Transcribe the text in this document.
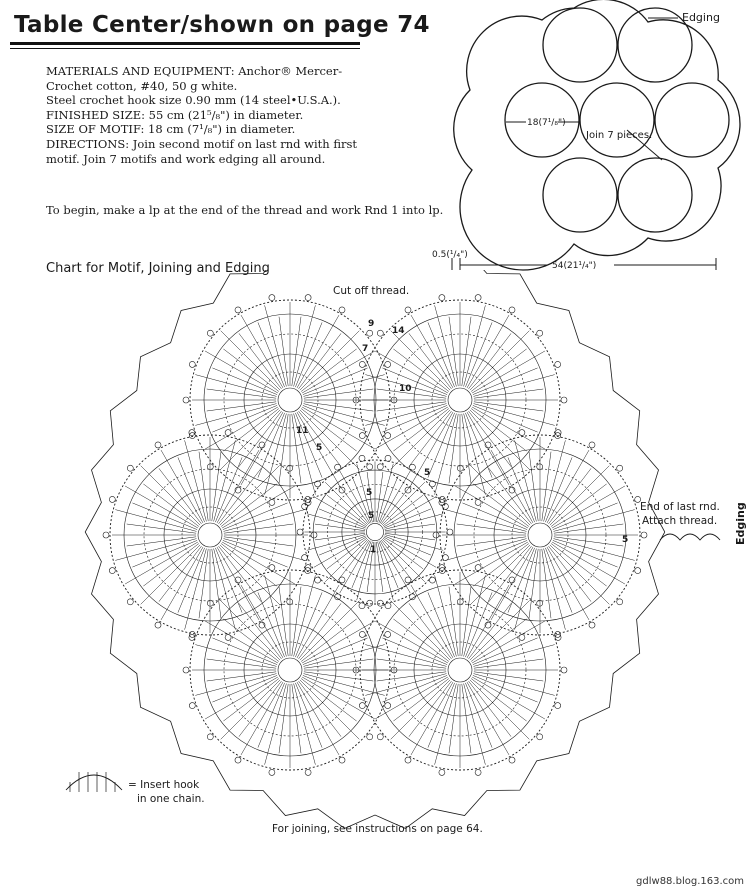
Table Center/shown on page 74
MATERIALS AND EQUIPMENT: Anchor® Mercer-
Crochet cotton, #40, 50 g white.
Steel crochet hook size 0.90 mm (14 steel•U.S.A.).
FINISHED SIZE: 55 cm (21⁵/₈") in diameter.
SIZE OF MOTIF: 18 cm (7¹/₈") in diameter.
DIRECTIONS: Join second motif on last rnd with first
motif. Join 7 motifs and work edging all around.

To begin, make a lp at the end of the thread and work Rnd 1 into lp.

Chart for Motif, Joining and Edging

Edging
18(7¹/₈")
Join 7 pieces.
0.5(¹/₄")
54(21¹/₄")
Cut off thread.
End of last rnd.
Attach thread. Edging
= Insert hook
in one chain.
For joining, see instructions on page 64.
14
10
9
7
5
5
5
5
5
1
11

gdlw88.blog.163.com
